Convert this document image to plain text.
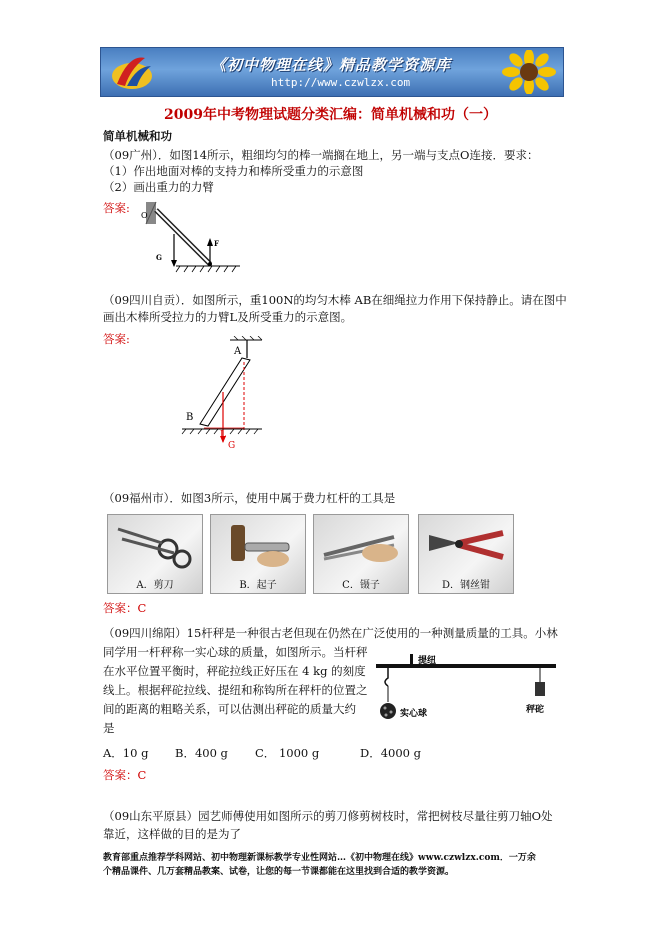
《初中物理在线》精品教学资源库
http://www.czwlzx.com
2009年中考物理试题分类汇编：简单机械和功（一）
简单机械和功
（09广州）．如图14所示，粗细均匀的棒一端搁在地上，另一端与支点O连接．要求：
（1）作出地面对棒的支持力和棒所受重力的示意图
（2）画出重力的力臂
答案:
O
F
G
（09四川自贡）．如图所示，重100N的均匀木棒 AB在细绳拉力作用下保持静止。请在图中
画出木棒所受拉力的力臂L及所受重力的示意图。
答案:
A
B
L
G
（09福州市）．如图3所示，使用中属于费力杠杆的工具是
A．剪刀	B．起子	C．镊子	D．钢丝钳
答案：C
（09四川绵阳）15杆秤是一种很古老但现在仍然在广泛使用的一种测量质量的工具。小林
同学用一杆秤称一实心球的质量，如图所示。当杆秤
在水平位置平衡时，秤砣拉线正好压在 4 kg 的刻度
线上。根据秤砣拉线、提纽和称钩所在秤杆的位置之
间的距离的粗略关系，可以估测出秤砣的质量大约
是
提纽
实心球	秤砣
A．10 g B．400 g C． 1000 g	D．4000 g
答案：C
（09山东平原县）园艺师傅使用如图所示的剪刀修剪树枝时，常把树枝尽量往剪刀轴O处
靠近，这样做的目的是为了
教育部重点推荐学科网站、初中物理新课标教学专业性网站…《初中物理在线》www.czwlzx.com．一万余
个精品课件、几万套精品教案、试卷，让您的每一节课都能在这里找到合适的教学资源。
